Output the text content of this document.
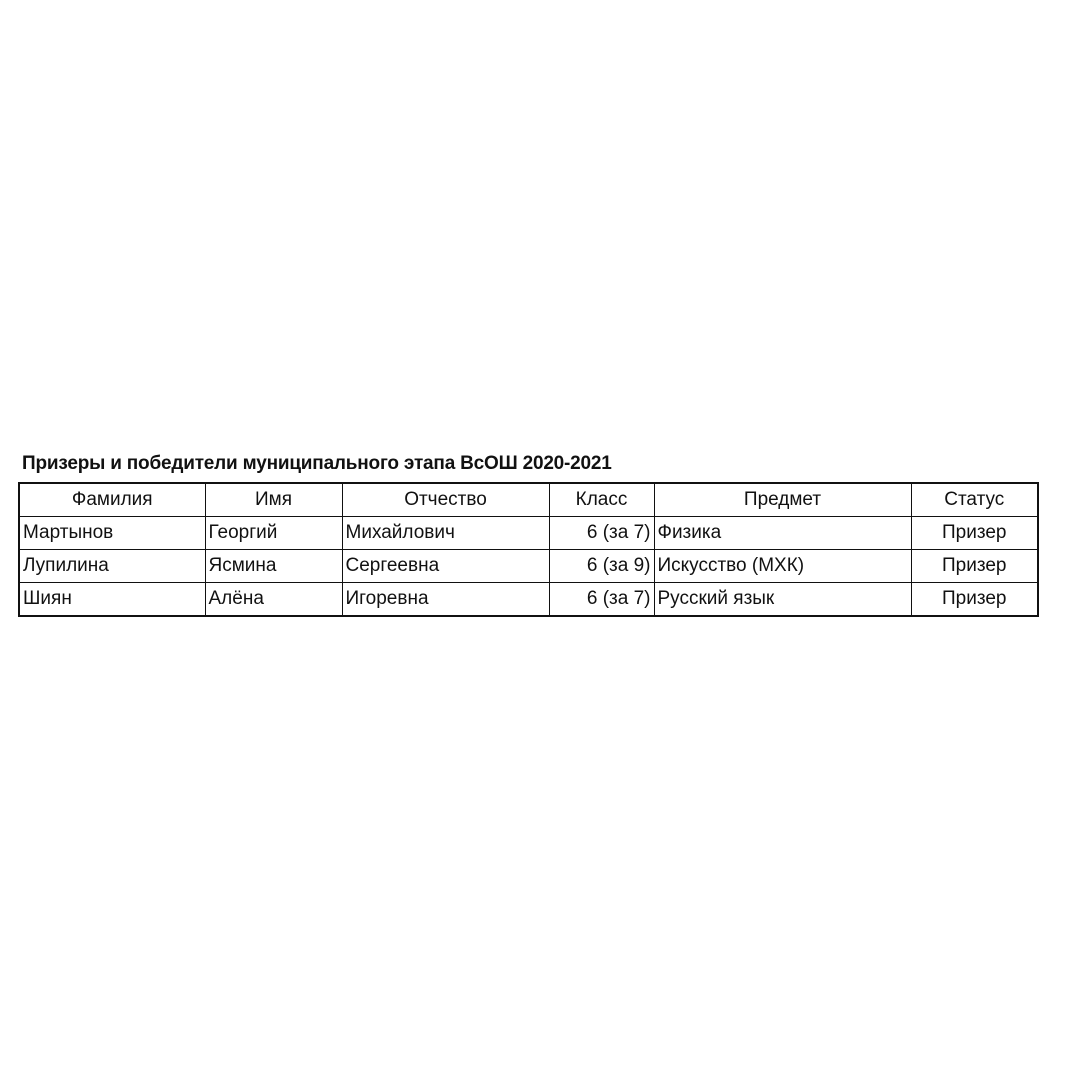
Призеры и победители муниципального этапа ВсОШ 2020-2021
Фамилия	Имя	Отчество	Класс	Предмет	Статус
Мартынов	Георгий	Михайлович	6 (за 7)	Физика	Призер
Лупилина	Ясмина	Сергеевна	6 (за 9)	Искусство (МХК)	Призер
Шиян	Алёна	Игоревна	6 (за 7)	Русский язык	Призер
